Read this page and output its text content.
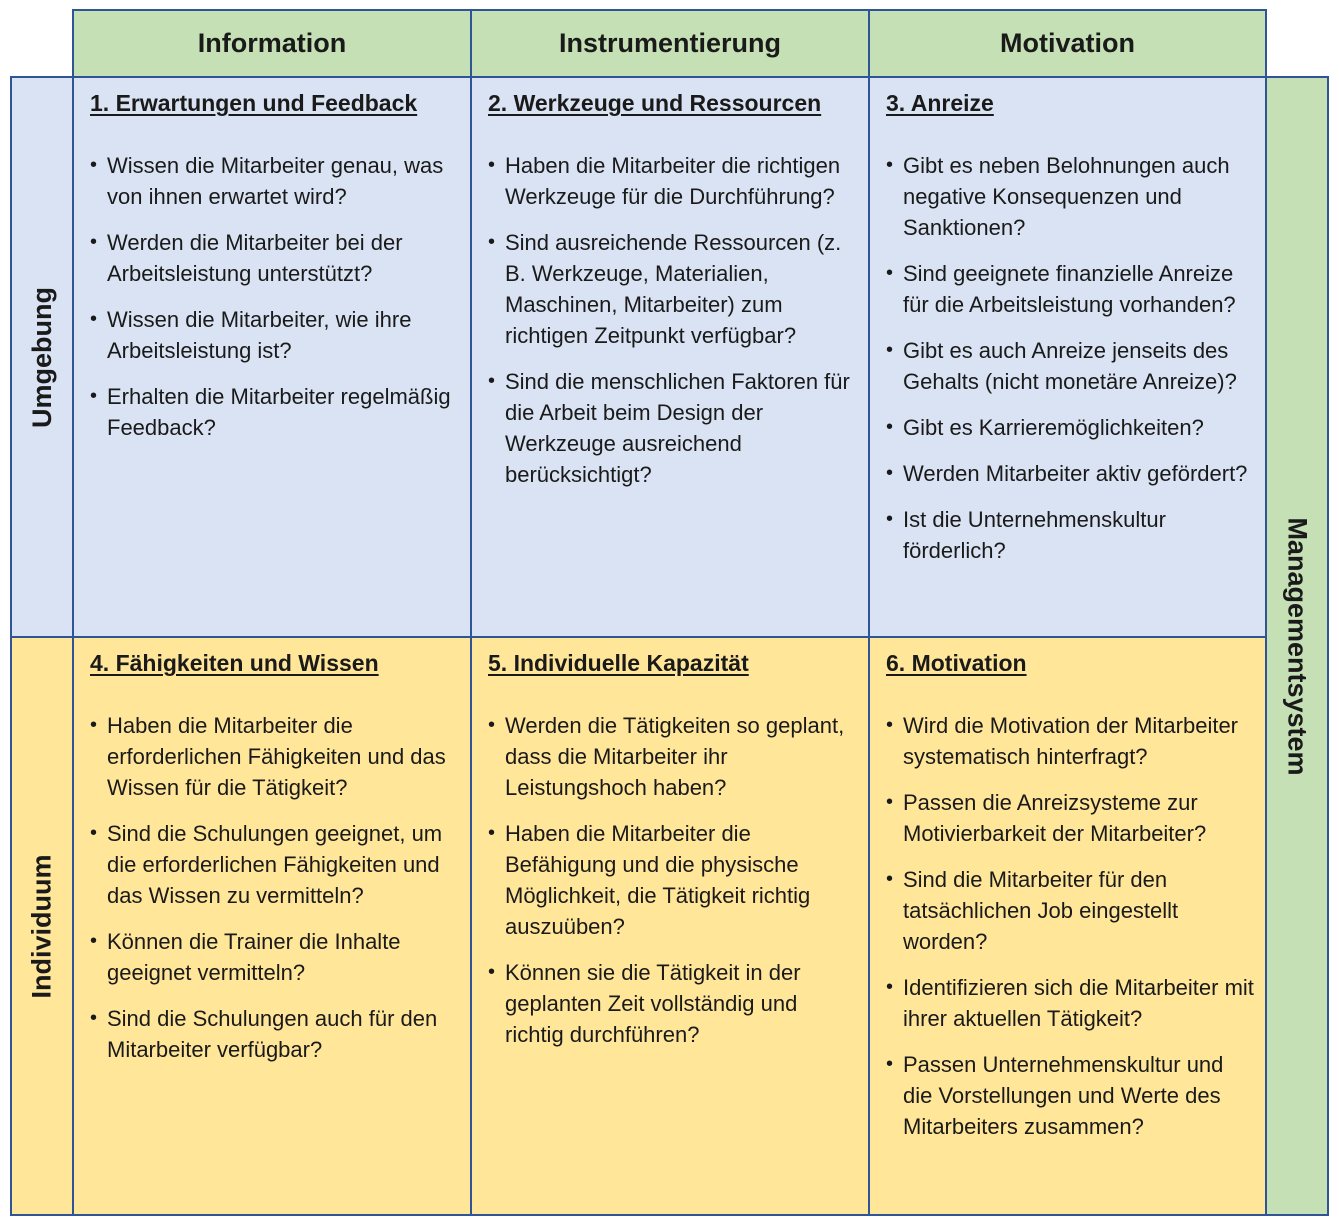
Information	Instrumentierung	Motivation
Umgebung
Individuum
Managementsystem
1. Erwartungen und Feedback
• Wissen die Mitarbeiter genau, was von ihnen erwartet wird?
• Werden die Mitarbeiter bei der Arbeitsleistung unterstützt?
• Wissen die Mitarbeiter, wie ihre Arbeitsleistung ist?
• Erhalten die Mitarbeiter regelmäßig Feedback?
2. Werkzeuge und Ressourcen
• Haben die Mitarbeiter die richtigen Werkzeuge für die Durchführung?
• Sind ausreichende Ressourcen (z. B. Werkzeuge, Materialien, Maschinen, Mitarbeiter) zum richtigen Zeitpunkt verfügbar?
• Sind die menschlichen Faktoren für die Arbeit beim Design der Werkzeuge ausreichend berücksichtigt?
3. Anreize
• Gibt es neben Belohnungen auch negative Konsequenzen und Sanktionen?
• Sind geeignete finanzielle Anreize für die Arbeitsleistung vorhanden?
• Gibt es auch Anreize jenseits des Gehalts (nicht monetäre Anreize)?
• Gibt es Karrieremöglichkeiten?
• Werden Mitarbeiter aktiv gefördert?
• Ist die Unternehmenskultur förderlich?
4. Fähigkeiten und Wissen
• Haben die Mitarbeiter die erforderlichen Fähigkeiten und das Wissen für die Tätigkeit?
• Sind die Schulungen geeignet, um die erforderlichen Fähigkeiten und das Wissen zu vermitteln?
• Können die Trainer die Inhalte geeignet vermitteln?
• Sind die Schulungen auch für den Mitarbeiter verfügbar?
5. Individuelle Kapazität
• Werden die Tätigkeiten so geplant, dass die Mitarbeiter ihr Leistungshoch haben?
• Haben die Mitarbeiter die Befähigung und die physische Möglichkeit, die Tätigkeit richtig auszuüben?
• Können sie die Tätigkeit in der geplanten Zeit vollständig und richtig durchführen?
6. Motivation
• Wird die Motivation der Mitarbeiter systematisch hinterfragt?
• Passen die Anreizsysteme zur Motivierbarkeit der Mitarbeiter?
• Sind die Mitarbeiter für den tatsächlichen Job eingestellt worden?
• Identifizieren sich die Mitarbeiter mit ihrer aktuellen Tätigkeit?
• Passen Unternehmenskultur und die Vorstellungen und Werte des Mitarbeiters zusammen?
